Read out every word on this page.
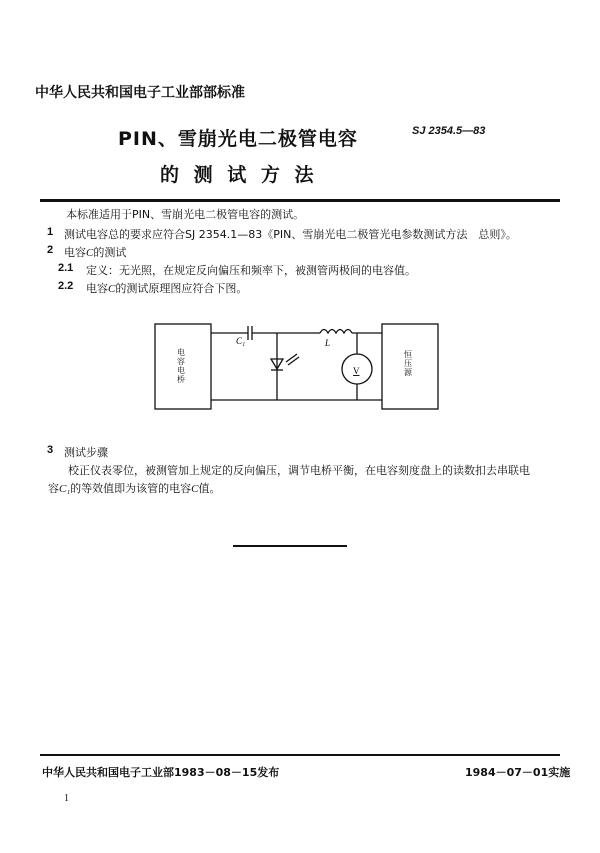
中华人民共和国电子工业部部标准
PIN、雪崩光电二极管电容
的 测 试 方 法
SJ 2354.5—83
本标准适用于PIN、雪崩光电二极管电容的测试。
1 测试电容总的要求应符合SJ 2354.1—83《PIN、雪崩光电二极管光电参数测试方法　总则》。
2 电容C的测试
2.1 定义：无光照，在规定反向偏压和频率下，被测管两极间的电容值。
2.2 电容C的测试原理图应符合下图。
C₁	L
V
电容电桥
恒压源
3 测试步骤
校正仪表零位，被测管加上规定的反向偏压，调节电桥平衡，在电容刻度盘上的读数扣去串联电
容C₁的等效值即为该管的电容C值。
中华人民共和国电子工业部1983－08－15发布	1984－07－01实施
1
